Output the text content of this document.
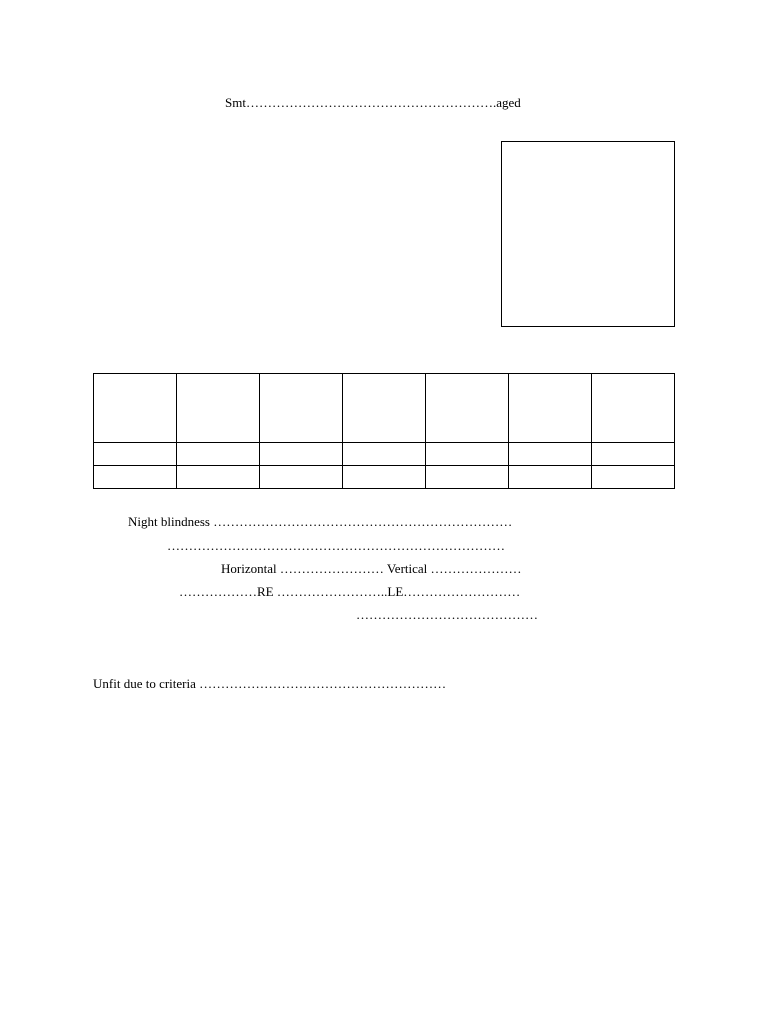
Smt………………………………………………….aged

Night blindness ……………………………………………………………
……………………………………………………………………
Horizontal …………………… Vertical …………………
………………RE ……………………..LE………………………
……………………………………
Unfit due to criteria …………………………………………………
